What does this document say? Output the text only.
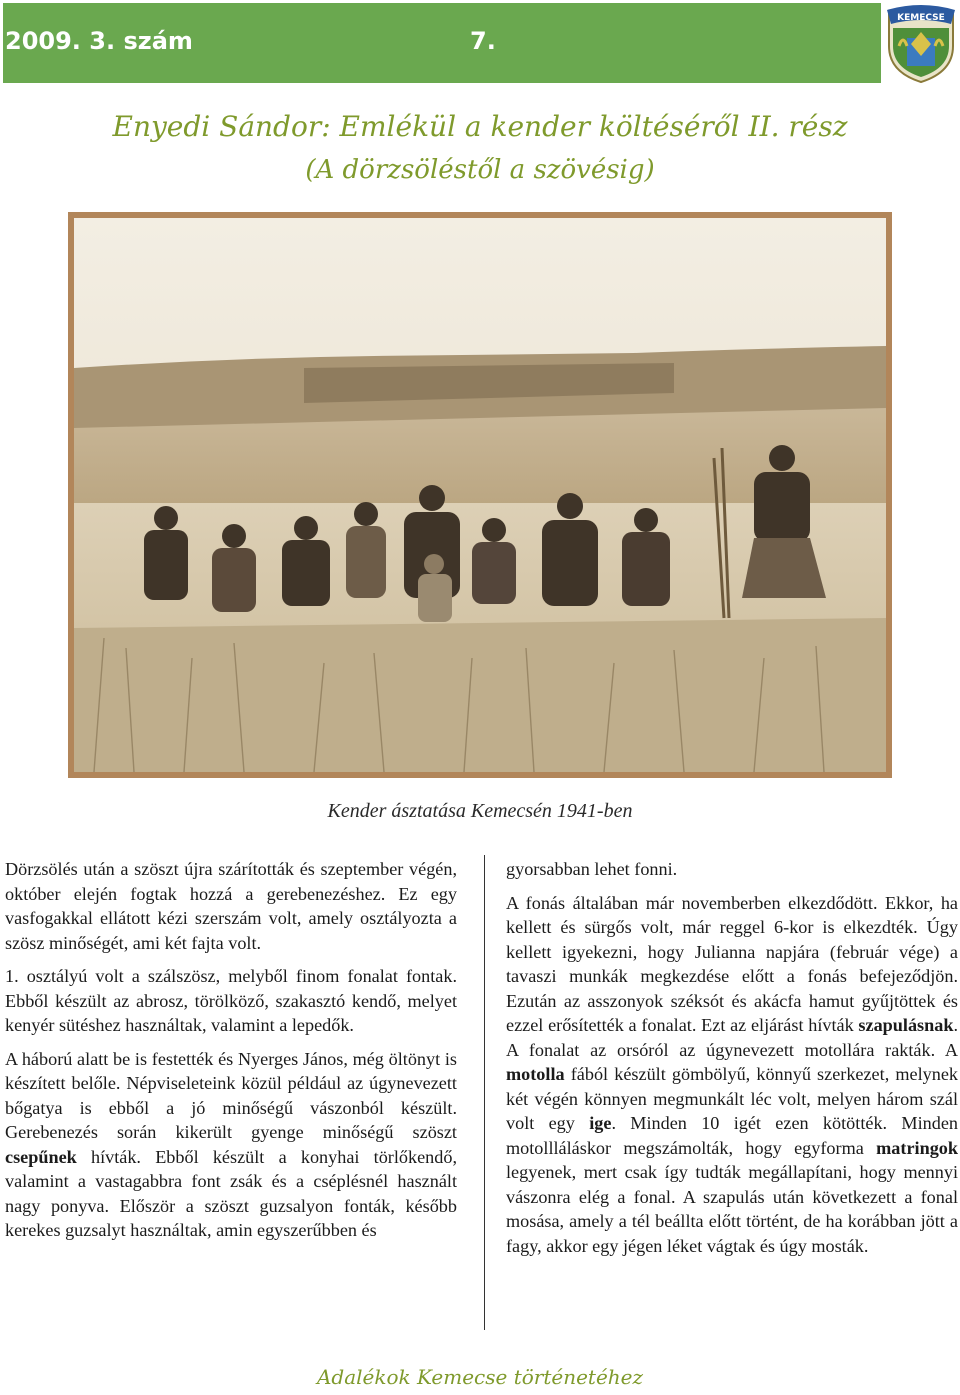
2009. 3. szám	7.
KEMECSE
Enyedi Sándor: Emlékül a kender költéséről II. rész
(A dörzsöléstől a szövésig)
Kender ásztatása Kemecsén 1941-ben

Dörzsölés után a szöszt újra szárították és szeptember végén, október elején fogtak hozzá a gerebenezéshez. Ez egy vasfogakkal ellátott kézi szerszám volt, amely osztályozta a szösz minőségét, ami két fajta volt.

1. osztályú volt a szálszösz, melyből finom fonalat fontak. Ebből készült az abrosz, törölköző, szakasztó kendő, melyet kenyér sütéshez használtak, valamint a lepedők.

A háború alatt be is festették és Nyerges János, még öltönyt is készített belőle. Népviseleteink közül például az úgynevezett bőgatya is ebből a jó minőségű vászonból készült. Gerebenezés során kikerült gyenge minőségű szöszt csepűnek hívták. Ebből készült a konyhai törlőkendő, valamint a vastagabbra font zsák és a cséplésnél használt nagy ponyva. Először a szöszt guzsalyon fonták, később kerekes guzsalyt használtak, amin egyszerűbben és

gyorsabban lehet fonni.

A fonás általában már novemberben elkezdődött. Ekkor, ha kellett és sürgős volt, már reggel 6-kor is elkezdték. Úgy kellett igyekezni, hogy Julianna napjára (február vége) a tavaszi munkák megkezdése előtt a fonás befejeződjön. Ezután az asszonyok széksót és akácfa hamut gyűjtöttek és ezzel erősítették a fonalat. Ezt az eljárást hívták szapulásnak. A fonalat az orsóról az úgynevezett motollára rakták. A motolla fából készült gömbölyű, könnyű szerkezet, melynek két végén könnyen megmunkált léc volt, melyen három szál volt egy ige. Minden 10 igét ezen kötötték. Minden motollláláskor megszámolták, hogy egyforma matringok legyenek, mert csak így tudták megállapítani, hogy mennyi vászonra elég a fonal. A szapulás után következett a fonal mosása, amely a tél beállta előtt történt, de ha korábban jött a fagy, akkor egy jégen léket vágtak és úgy mosták.

Adalékok Kemecse történetéhez
